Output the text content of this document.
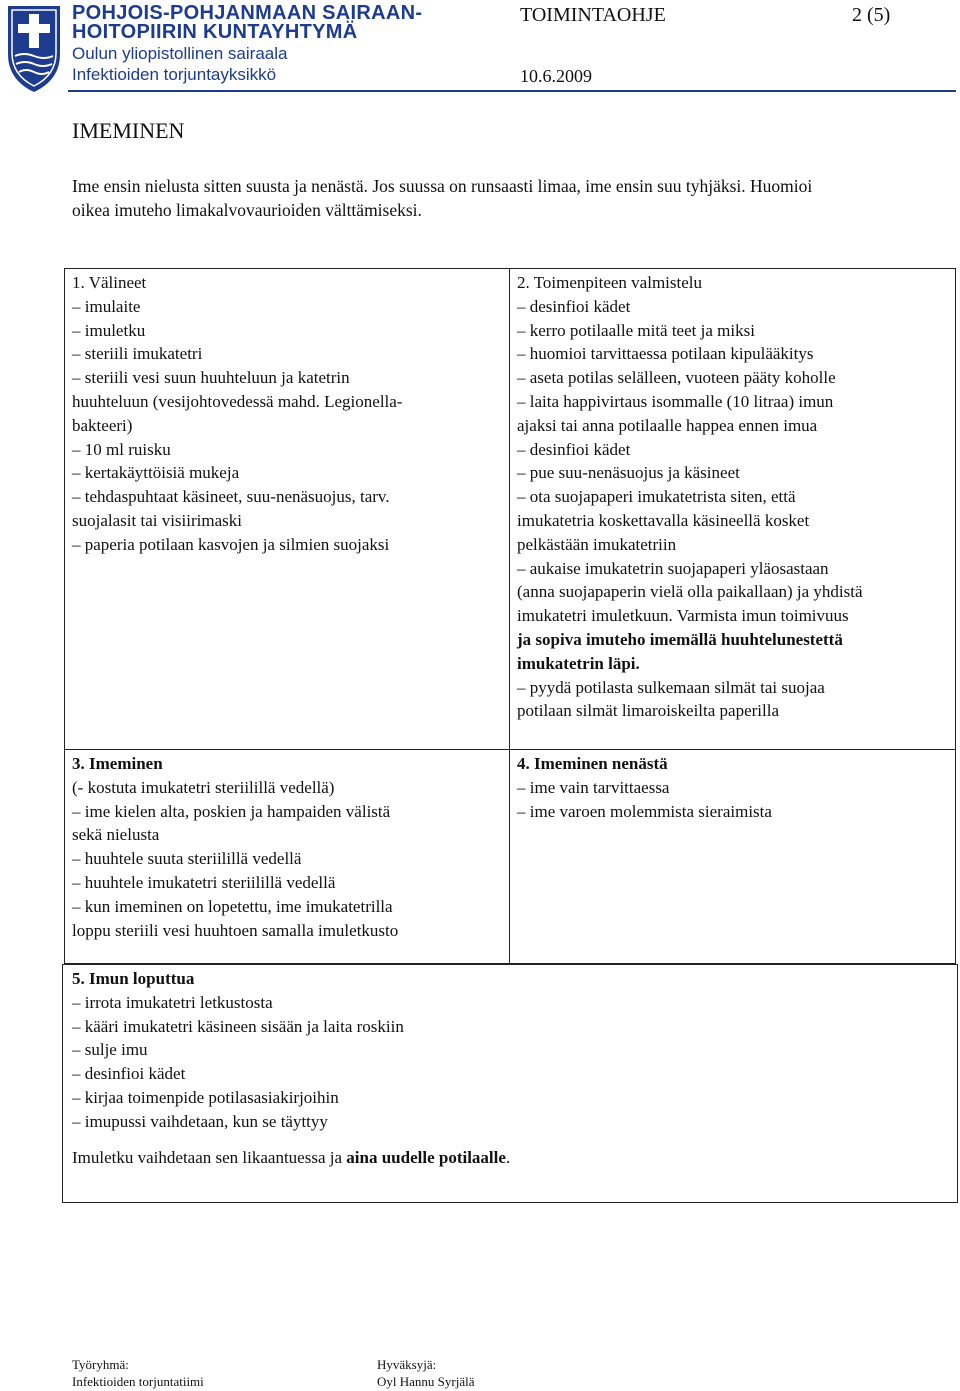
POHJOIS-POHJANMAAN SAIRAAN-
HOITOPIIRIN KUNTAYHTYMÄ
Oulun yliopistollinen sairaala
Infektioiden torjuntayksikkö
TOIMINTAOHJE	2 (5)
10.6.2009
IMEMINEN
Ime ensin nielusta sitten suusta ja nenästä. Jos suussa on runsaasti limaa, ime ensin suu tyhjäksi. Huomioi
oikea imuteho limakalvovaurioiden välttämiseksi.
1. Välineet
– imulaite
– imuletku
– steriili imukatetri
– steriili vesi suun huuhteluun ja katetrin
huuhteluun (vesijohtovedessä mahd. Legionella-
bakteeri)
– 10 ml ruisku
– kertakäyttöisiä mukeja
– tehdaspuhtaat käsineet, suu-nenäsuojus, tarv.
suojalasit tai visiirimaski
– paperia potilaan kasvojen ja silmien suojaksi
2. Toimenpiteen valmistelu
– desinfioi kädet
– kerro potilaalle mitä teet ja miksi
– huomioi tarvittaessa potilaan kipulääkitys
– aseta potilas selälleen, vuoteen pääty koholle
– laita happivirtaus isommalle (10 litraa) imun
ajaksi tai anna potilaalle happea ennen imua
– desinfioi kädet
– pue suu-nenäsuojus ja käsineet
– ota suojapaperi imukatetrista siten, että
imukatetria koskettavalla käsineellä kosket
pelkästään imukatetriin
– aukaise imukatetrin suojapaperi yläosastaan
(anna suojapaperin vielä olla paikallaan) ja yhdistä
imukatetri imuletkuun. Varmista imun toimivuus
ja sopiva imuteho imemällä huuhtelunestettä
imukatetrin läpi.
– pyydä potilasta sulkemaan silmät tai suojaa
potilaan silmät limaroiskeilta paperilla
3. Imeminen
(- kostuta imukatetri steriilillä vedellä)
– ime kielen alta, poskien ja hampaiden välistä
sekä nielusta
– huuhtele suuta steriilillä vedellä
– huuhtele imukatetri steriilillä vedellä
– kun imeminen on lopetettu, ime imukatetrilla
loppu steriili vesi huuhtoen samalla imuletkusto
4. Imeminen nenästä
– ime vain tarvittaessa
– ime varoen molemmista sieraimista
5. Imun loputtua
– irrota imukatetri letkustosta
– kääri imukatetri käsineen sisään ja laita roskiin
– sulje imu
– desinfioi kädet
– kirjaa toimenpide potilasasiakirjoihin
– imupussi vaihdetaan, kun se täyttyy
Imuletku vaihdetaan sen likaantuessa ja aina uudelle potilaalle.
Työryhmä:
Infektioiden torjuntatiimi
Hyväksyjä:
Oyl Hannu Syrjälä
